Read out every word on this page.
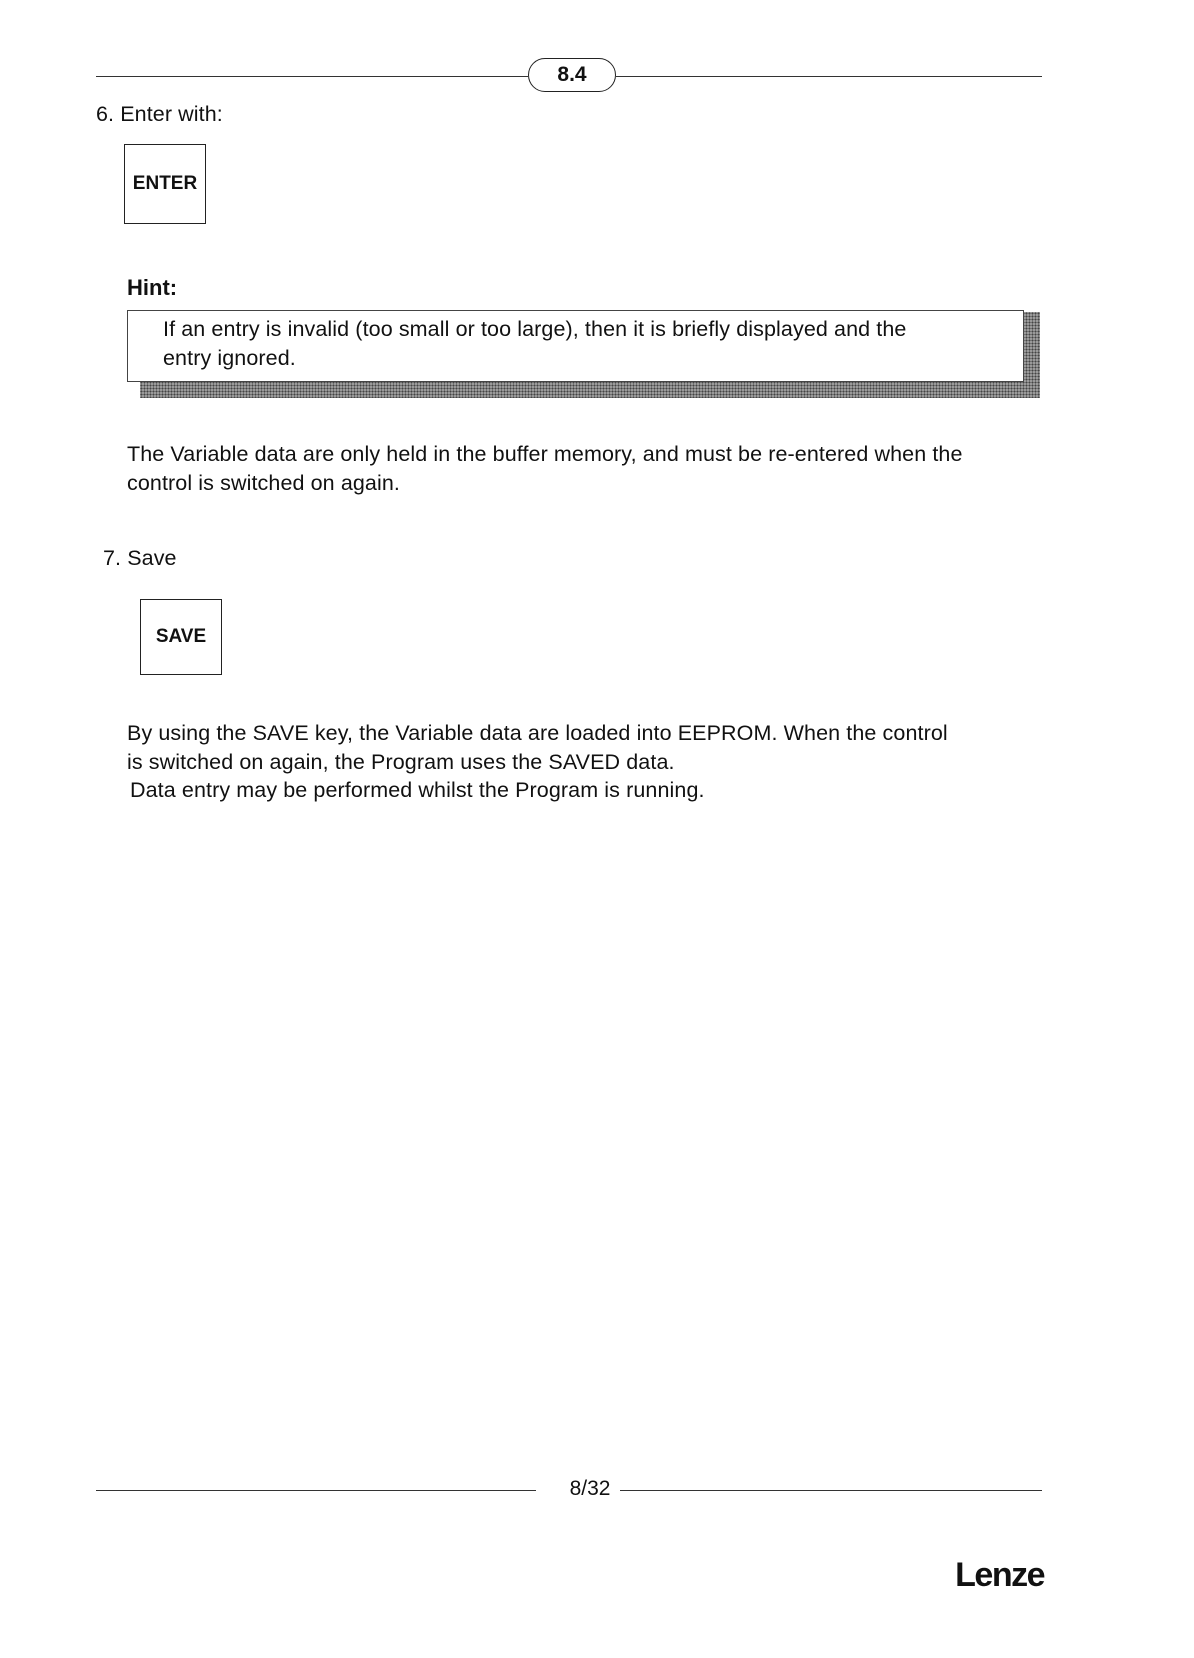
8.4
6. Enter with:
ENTER
Hint:
If an entry is invalid (too small or too large), then it is briefly displayed and the
entry ignored.
The Variable data are only held in the buffer memory, and must be re-entered when the
control is switched on again.
7. Save
SAVE
By using the SAVE key, the Variable data are loaded into EEPROM. When the control
is switched on again, the Program uses the SAVED data.
Data entry may be performed whilst the Program is running.
8/32
Lenze
